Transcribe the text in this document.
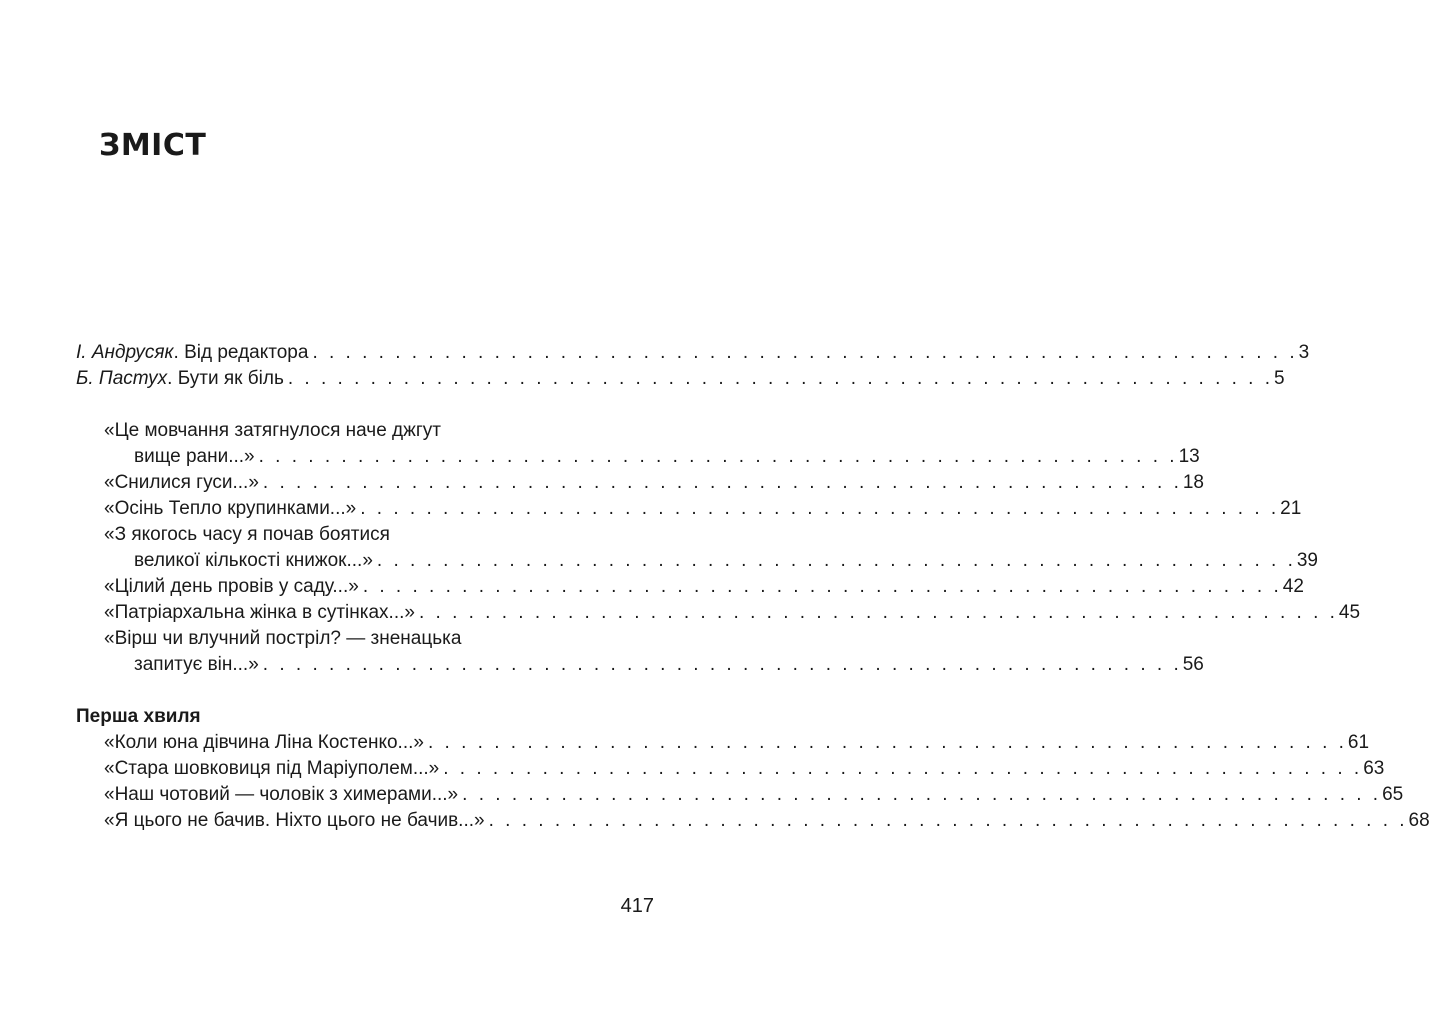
ЗМІСТ
І. Андрусяк. Від редактора . . . . . . . . . . . . . . . . . . . . . . . . . . . . . . . . . . . . . . . . . . . . . . . . . . . . . . . . . . . . 3
Б. Пастух. Бути як біль . . . . . . . . . . . . . . . . . . . . . . . . . . . . . . . . . . . . . . . . . . . . . . . . . . . . . . . . . . . . 5
«Це мовчання затягнулося наче джгут
вище рани...» . . . . . . . . . . . . . . . . . . . . . . . . . . . . . . . . . . . . . . . . . . . . . . . . . . . . . . . . 13
«Снилися гуси...» . . . . . . . . . . . . . . . . . . . . . . . . . . . . . . . . . . . . . . . . . . . . . . . . . . . . . . . . 18
«Осінь Тепло крупинками...» . . . . . . . . . . . . . . . . . . . . . . . . . . . . . . . . . . . . . . . . . . . . . . . . . . . . . . . . 21
«З якогось часу я почав боятися
великої кількості книжок...» . . . . . . . . . . . . . . . . . . . . . . . . . . . . . . . . . . . . . . . . . . . . . . . . . . . . . . . . 39
«Цілий день провів у саду...» . . . . . . . . . . . . . . . . . . . . . . . . . . . . . . . . . . . . . . . . . . . . . . . . . . . . . . . . 42
«Патріархальна жінка в сутінках...» . . . . . . . . . . . . . . . . . . . . . . . . . . . . . . . . . . . . . . . . . . . . . . . . . . . . . . . . 45
«Вірш чи влучний постріл? — зненацька
запитує він...» . . . . . . . . . . . . . . . . . . . . . . . . . . . . . . . . . . . . . . . . . . . . . . . . . . . . . . . . 56
Перша хвиля
«Коли юна дівчина Ліна Костенко...» . . . . . . . . . . . . . . . . . . . . . . . . . . . . . . . . . . . . . . . . . . . . . . . . . . . . . . . . 61
«Стара шовковиця під Маріуполем...» . . . . . . . . . . . . . . . . . . . . . . . . . . . . . . . . . . . . . . . . . . . . . . . . . . . . . . . . 63
«Наш чотовий — чоловік з химерами...» . . . . . . . . . . . . . . . . . . . . . . . . . . . . . . . . . . . . . . . . . . . . . . . . . . . . . . . . 65
«Я цього не бачив. Ніхто цього не бачив...» . . . . . . . . . . . . . . . . . . . . . . . . . . . . . . . . . . . . . . . . . . . . . . . . . . . . . . . . 68
417
